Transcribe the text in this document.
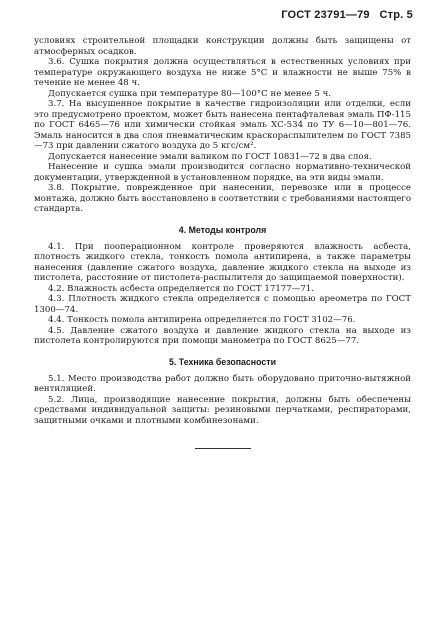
ГОСТ 23791—79 Стр. 5

условиях строительной площадки конструкции должны быть защищены от атмосферных осадков.

3.6. Сушка покрытия должна осуществляться в естественных условиях при температуре окружающего воздуха не ниже 5°С и влажности не выше 75% в течение не менее 48 ч.

Допускается сушка при температуре 80—100°С не менее 5 ч.

3.7. На высушенное покрытие в качестве гидроизоляции или отделки, если это предусмотрено проектом, может быть нанесена пентафталевая эмаль ПФ-115 по ГОСТ 6465—76 или химически стойкая эмаль ХС-534 по ТУ 6—10—801—76. Эмаль наносится в два слоя пневматическим краскораспылителем по ГОСТ 7385—73 при давлении сжатого воздуха до 5 кгс/см².

Допускается нанесение эмали валиком по ГОСТ 10831—72 в два слоя.

Нанесение и сушка эмали производится согласно нормативно-технической документации, утвержденной в установленном порядке, на эти виды эмали.

3.8. Покрытие, поврежденное при нанесении, перевозке или в процессе монтажа, должно быть восстановлено в соответствии с требованиями настоящего стандарта.

4. Методы контроля

4.1. При пооперационном контроле проверяются влажность асбеста, плотность жидкого стекла, тонкость помола антипирена, а также параметры нанесения (давление сжатого воздуха, давление жидкого стекла на выходе из пистолета, расстояние от пистолета-распылителя до защищаемой поверхности).

4.2. Влажность асбеста определяется по ГОСТ 17177—71.

4.3. Плотность жидкого стекла определяется с помощью ареометра по ГОСТ 1300—74.

4.4. Тонкость помола антипирена определяется по ГОСТ 3102—76.

4.5. Давление сжатого воздуха и давление жидкого стекла на выходе из пистолета контролируются при помощи манометра по ГОСТ 8625—77.

5. Техника безопасности

5.1. Место производства работ должно быть оборудовано приточно-вытяжной вентиляцией.

5.2. Лица, производящие нанесение покрытия, должны быть обеспечены средствами индивидуальной защиты: резиновыми перчатками, респираторами, защитными очками и плотными комбинезонами.
